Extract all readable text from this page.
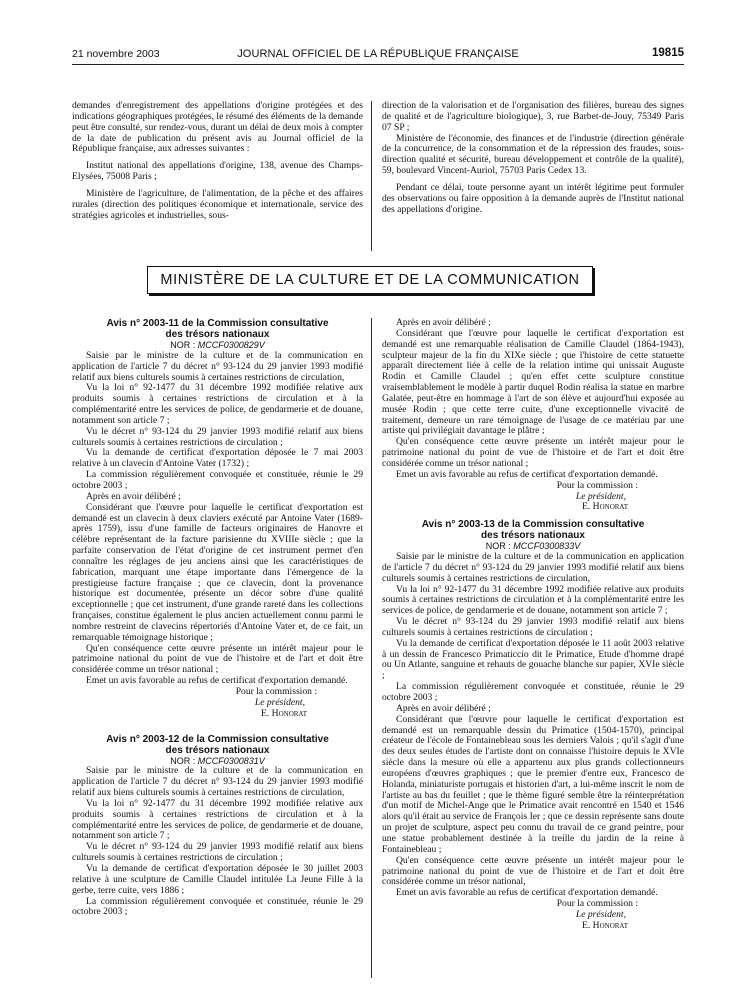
21 novembre 2003	JOURNAL OFFICIEL DE LA RÉPUBLIQUE FRANÇAISE	19815

demandes d'enregistrement des appellations d'origine protégées et des indications géographiques protégées, le résumé des éléments de la demande peut être consulté, sur rendez-vous, durant un délai de deux mois à compter de la date de publication du présent avis au Journal officiel de la République française, aux adresses suivantes :

Institut national des appellations d'origine, 138, avenue des Champs-Elysées, 75008 Paris ;

Ministère de l'agriculture, de l'alimentation, de la pêche et des affaires rurales (direction des politiques économique et internationale, service des stratégies agricoles et industrielles, sous-

direction de la valorisation et de l'organisation des filières, bureau des signes de qualité et de l'agriculture biologique), 3, rue Barbet-de-Jouy, 75349 Paris 07 SP ;

Ministère de l'économie, des finances et de l'industrie (direction générale de la concurrence, de la consommation et de la répression des fraudes, sous-direction qualité et sécurité, bureau développement et contrôle de la qualité), 59, boulevard Vincent-Auriol, 75703 Paris Cedex 13.

Pendant ce délai, toute personne ayant un intérêt légitime peut formuler des observations ou faire opposition à la demande auprès de l'Institut national des appellations d'origine.

MINISTÈRE DE LA CULTURE ET DE LA COMMUNICATION

Avis n° 2003-11 de la Commission consultative

des trésors nationaux

NOR : MCCF0300829V

Saisie par le ministre de la culture et de la communication en application de l'article 7 du décret n° 93-124 du 29 janvier 1993 modifié relatif aux biens culturels soumis à certaines restrictions de circulation,

Vu la loi n° 92-1477 du 31 décembre 1992 modifiée relative aux produits soumis à certaines restrictions de circulation et à la complémentarité entre les services de police, de gendarmerie et de douane, notamment son article 7 ;

Vu le décret n° 93-124 du 29 janvier 1993 modifié relatif aux biens culturels soumis à certaines restrictions de circulation ;

Vu la demande de certificat d'exportation déposée le 7 mai 2003 relative à un clavecin d'Antoine Vater (1732) ;

La commission régulièrement convoquée et constituée, réunie le 29 octobre 2003 ;

Après en avoir délibéré ;

Considérant que l'œuvre pour laquelle le certificat d'exportation est demandé est un clavecin à deux claviers exécuté par Antoine Vater (1689-après 1759), issu d'une famille de facteurs originaires de Hanovre et célèbre représentant de la facture parisienne du XVIIIe siècle ; que la parfaite conservation de l'état d'origine de cet instrument permet d'en connaître les réglages de jeu anciens ainsi que les caractéristiques de fabrication, marquant une étape importante dans l'émergence de la prestigieuse facture française ; que ce clavecin, dont la provenance historique est documentée, présente un décor sobre d'une qualité exceptionnelle ; que cet instrument, d'une grande rareté dans les collections françaises, constitue également le plus ancien actuellement connu parmi le nombre restreint de clavecins répertoriés d'Antoine Vater et, de ce fait, un remarquable témoignage historique ;

Qu'en conséquence cette œuvre présente un intérêt majeur pour le patrimoine national du point de vue de l'histoire et de l'art et doit être considérée comme un trésor national ;

Emet un avis favorable au refus de certificat d'exportation demandé.

Pour la commission :

Le président,

E. Honorat

Avis n° 2003-12 de la Commission consultative

des trésors nationaux

NOR : MCCF0300831V

Saisie par le ministre de la culture et de la communication en application de l'article 7 du décret n° 93-124 du 29 janvier 1993 modifié relatif aux biens culturels soumis à certaines restrictions de circulation,

Vu la loi n° 92-1477 du 31 décembre 1992 modifiée relative aux produits soumis à certaines restrictions de circulation et à la complémentarité entre les services de police, de gendarmerie et de douane, notamment son article 7 ;

Vu le décret n° 93-124 du 29 janvier 1993 modifié relatif aux biens culturels soumis à certaines restrictions de circulation ;

Vu la demande de certificat d'exportation déposée le 30 juillet 2003 relative à une sculpture de Camille Claudel intitulée La Jeune Fille à la gerbe, terre cuite, vers 1886 ;

La commission régulièrement convoquée et constituée, réunie le 29 octobre 2003 ;

Après en avoir délibéré ;

Considérant que l'œuvre pour laquelle le certificat d'exportation est demandé est une remarquable réalisation de Camille Claudel (1864-1943), sculpteur majeur de la fin du XIXe siècle ; que l'histoire de cette statuette apparaît directement liée à celle de la relation intime qui unissait Auguste Rodin et Camille Claudel ; qu'en effet cette sculpture constitue vraisemblablement le modèle à partir duquel Rodin réalisa la statue en marbre Galatée, peut-être en hommage à l'art de son élève et aujourd'hui exposée au musée Rodin ; que cette terre cuite, d'une exceptionnelle vivacité de traitement, demeure un rare témoignage de l'usage de ce matériau par une artiste qui privilégiait davantage le plâtre ;

Qu'en conséquence cette œuvre présente un intérêt majeur pour le patrimoine national du point de vue de l'histoire et de l'art et doit être considérée comme un trésor national ;

Emet un avis favorable au refus de certificat d'exportation demandé.

Pour la commission :

Le président,

E. Honorat

Avis n° 2003-13 de la Commission consultative

des trésors nationaux

NOR : MCCF0300833V

Saisie par le ministre de la culture et de la communication en application de l'article 7 du décret n° 93-124 du 29 janvier 1993 modifié relatif aux biens culturels soumis à certaines restrictions de circulation,

Vu la loi n° 92-1477 du 31 décembre 1992 modifiée relative aux produits soumis à certaines restrictions de circulation et à la complémentarité entre les services de police, de gendarmerie et de douane, notamment son article 7 ;

Vu le décret n° 93-124 du 29 janvier 1993 modifié relatif aux biens culturels soumis à certaines restrictions de circulation ;

Vu la demande de certificat d'exportation déposée le 11 août 2003 relative à un dessin de Francesco Primaticcio dit le Primatice, Etude d'homme drapé ou Un Atlante, sanguine et rehauts de gouache blanche sur papier, XVIe siècle ;

La commission régulièrement convoquée et constituée, réunie le 29 octobre 2003 ;

Après en avoir délibéré ;

Considérant que l'œuvre pour laquelle le certificat d'exportation est demandé est un remarquable dessin du Primatice (1504-1570), principal créateur de l'école de Fontainebleau sous les derniers Valois ; qu'il s'agit d'une des deux seules études de l'artiste dont on connaisse l'histoire depuis le XVIe siècle dans la mesure où elle a appartenu aux plus grands collectionneurs européens d'œuvres graphiques ; que le premier d'entre eux, Francesco de Holanda, miniaturiste portugais et historien d'art, a lui-même inscrit le nom de l'artiste au bas du feuillet ; que le thème figuré semble être la réinterprétation d'un motif de Michel-Ange que le Primatice avait rencontré en 1540 et 1546 alors qu'il était au service de François Ier ; que ce dessin représente sans doute un projet de sculpture, aspect peu connu du travail de ce grand peintre, pour une statue probablement destinée à la treille du jardin de la reine à Fontainebleau ;

Qu'en conséquence cette œuvre présente un intérêt majeur pour le patrimoine national du point de vue de l'histoire et de l'art et doit être considérée comme un trésor national,

Emet un avis favorable au refus de certificat d'exportation demandé.

Pour la commission :

Le président,

E. Honorat
